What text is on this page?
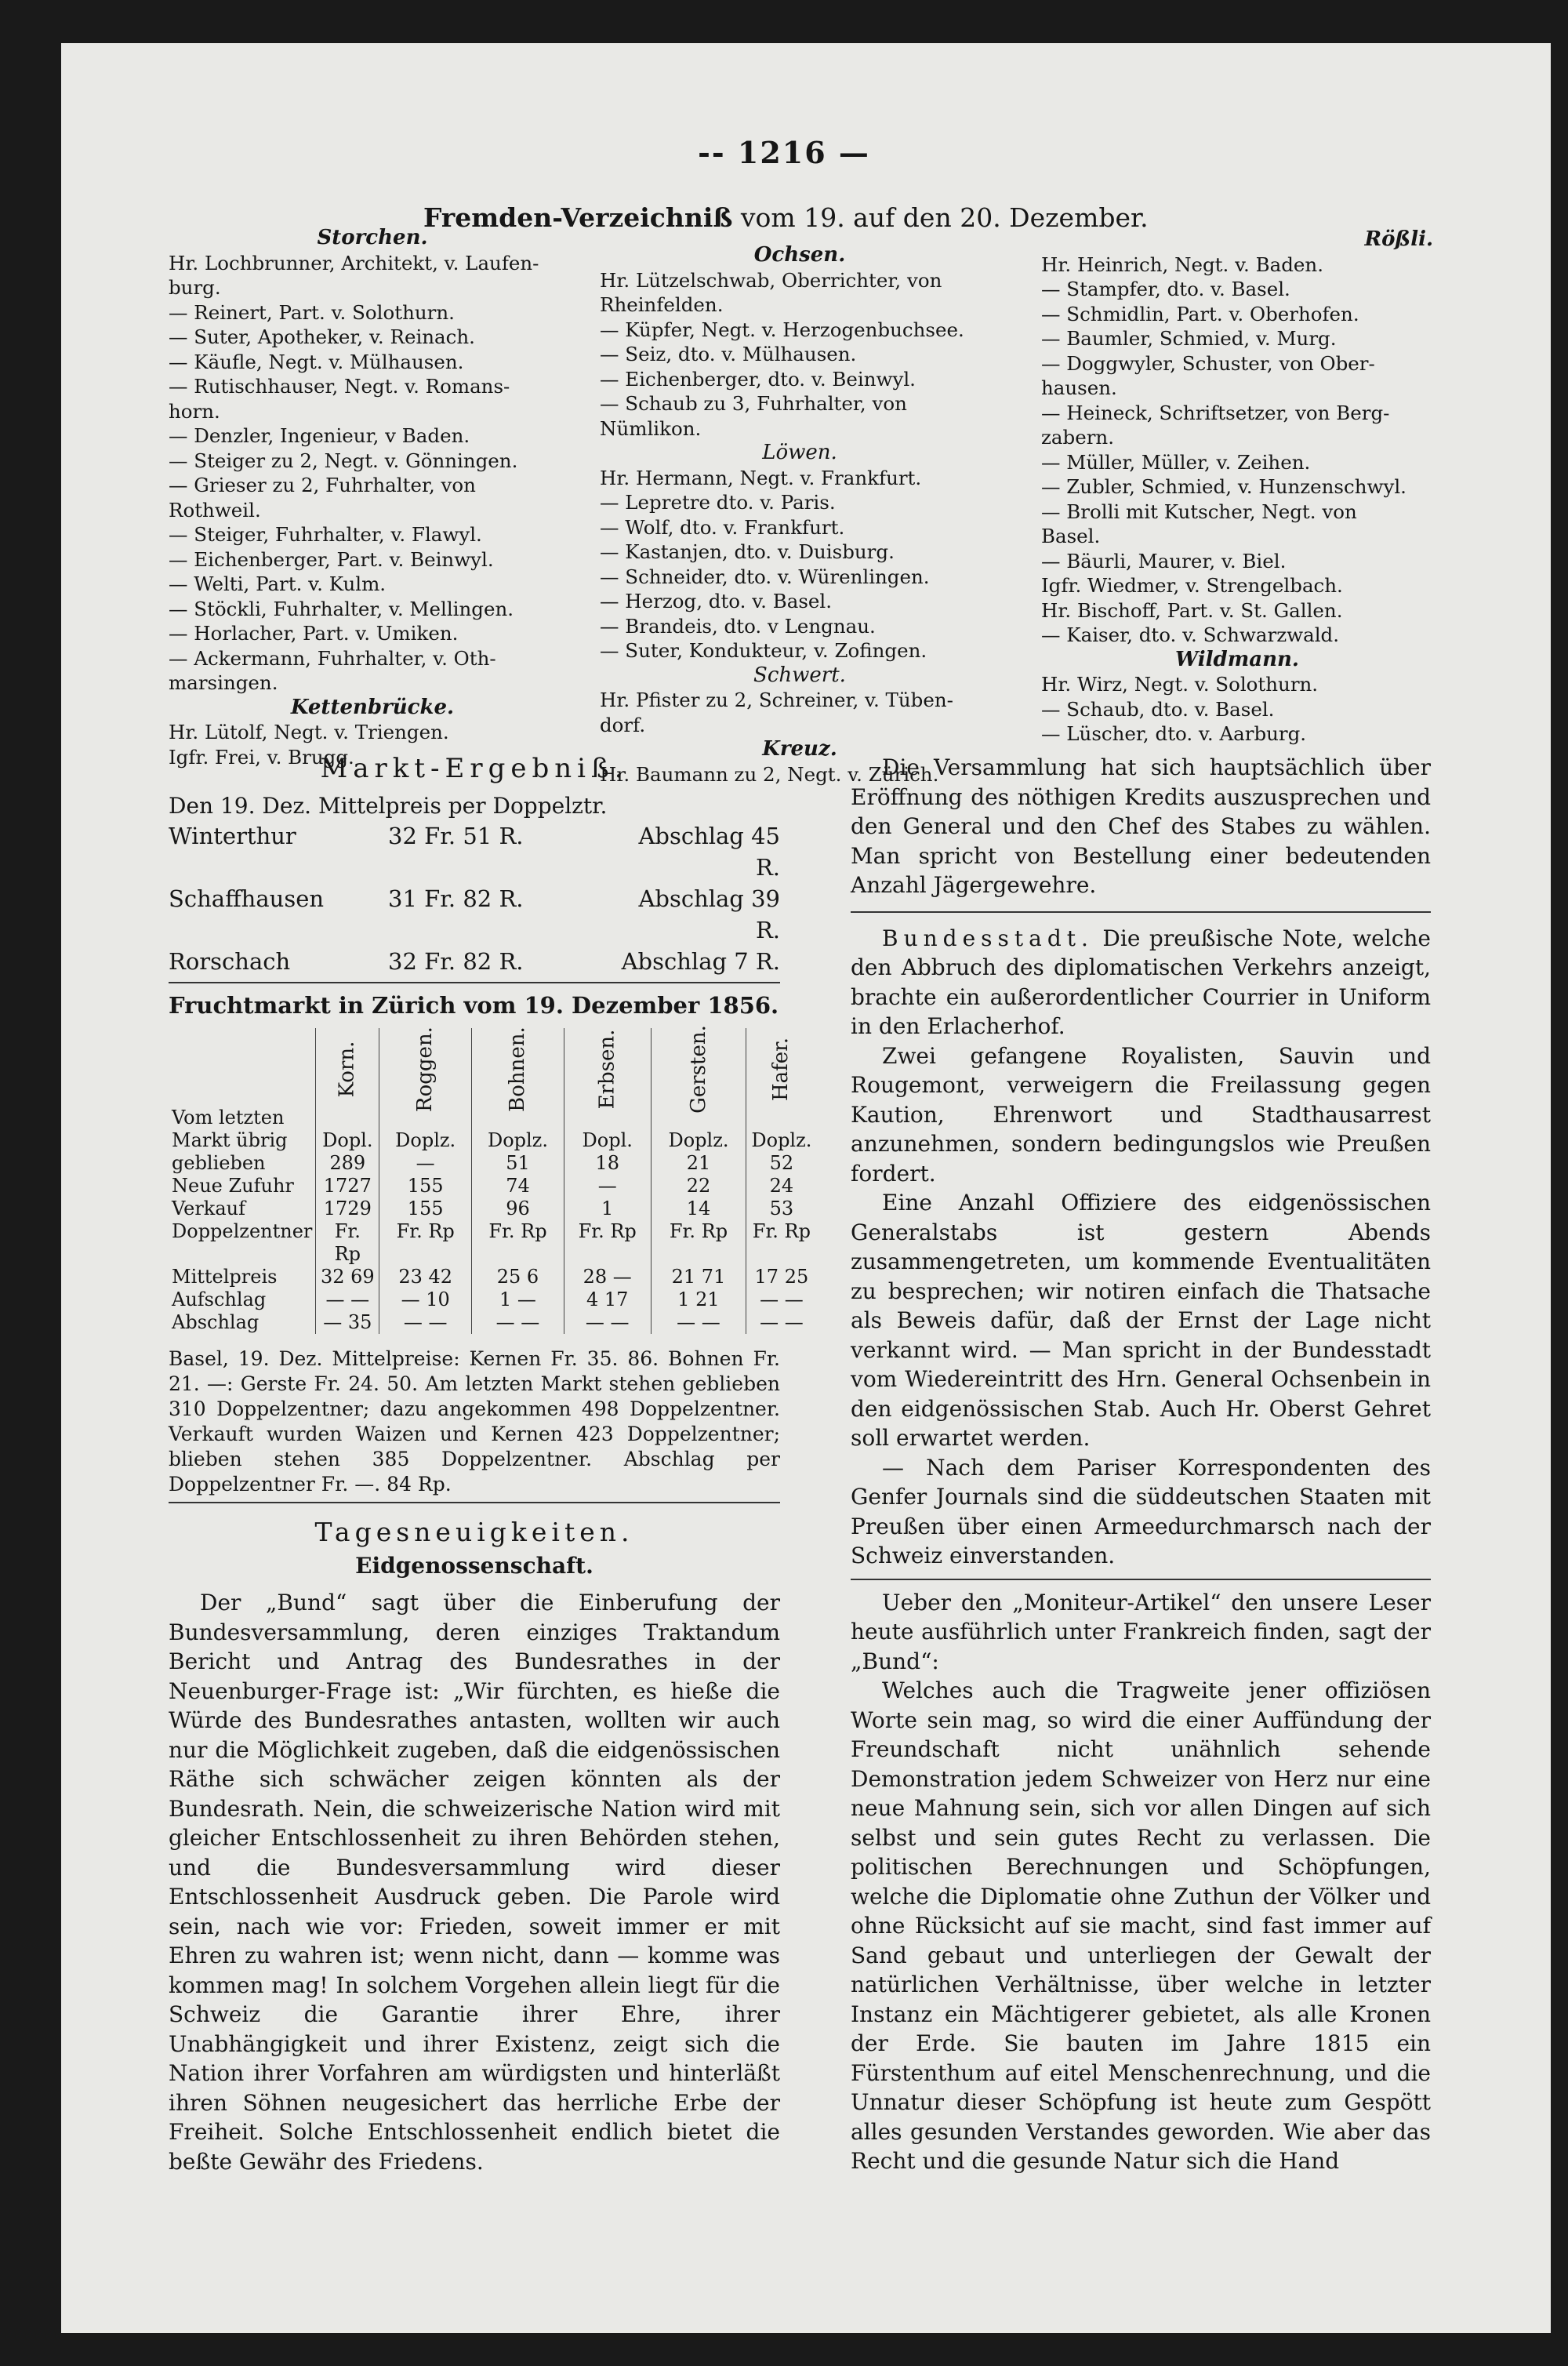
-- 1216 —
Fremden-Verzeichniß vom 19. auf den 20. Dezember.
Storchen.

Hr. Lochbrunner, Architekt, v. Laufen-

burg.

— Reinert, Part. v. Solothurn.

— Suter, Apotheker, v. Reinach.

— Käufle, Negt. v. Mülhausen.

— Rutischhauser, Negt. v. Romans-

horn.

— Denzler, Ingenieur, v Baden.

— Steiger zu 2, Negt. v. Gönningen.

— Grieser zu 2, Fuhrhalter, von

Rothweil.

— Steiger, Fuhrhalter, v. Flawyl.

— Eichenberger, Part. v. Beinwyl.

— Welti, Part. v. Kulm.

— Stöckli, Fuhrhalter, v. Mellingen.

— Horlacher, Part. v. Umiken.

— Ackermann, Fuhrhalter, v. Oth-

marsingen.

Kettenbrücke.

Hr. Lütolf, Negt. v. Triengen.

Igfr. Frei, v. Brugg.

Ochsen.

Hr. Lützelschwab, Oberrichter, von

Rheinfelden.

— Küpfer, Negt. v. Herzogenbuchsee.

— Seiz, dto. v. Mülhausen.

— Eichenberger, dto. v. Beinwyl.

— Schaub zu 3, Fuhrhalter, von

Nümlikon.

Löwen.

Hr. Hermann, Negt. v. Frankfurt.

— Lepretre dto. v. Paris.

— Wolf, dto. v. Frankfurt.

— Kastanjen, dto. v. Duisburg.

— Schneider, dto. v. Würenlingen.

— Herzog, dto. v. Basel.

— Brandeis, dto. v Lengnau.

— Suter, Kondukteur, v. Zofingen.

Schwert.

Hr. Pfister zu 2, Schreiner, v. Tüben-

dorf.

Kreuz.

Hr. Baumann zu 2, Negt. v. Zürich.

Rößli.

Hr. Heinrich, Negt. v. Baden.

— Stampfer, dto. v. Basel.

— Schmidlin, Part. v. Oberhofen.

— Baumler, Schmied, v. Murg.

— Doggwyler, Schuster, von Ober-

hausen.

— Heineck, Schriftsetzer, von Berg-

zabern.

— Müller, Müller, v. Zeihen.

— Zubler, Schmied, v. Hunzenschwyl.

— Brolli mit Kutscher, Negt. von

Basel.

— Bäurli, Maurer, v. Biel.

Igfr. Wiedmer, v. Strengelbach.

Hr. Bischoff, Part. v. St. Gallen.

— Kaiser, dto. v. Schwarzwald.

Wildmann.

Hr. Wirz, Negt. v. Solothurn.

— Schaub, dto. v. Basel.

— Lüscher, dto. v. Aarburg.

Markt-Ergebniß.
Den 19. Dez. Mittelpreis per Doppelztr.
Winterthur	32 Fr. 51 R.	Abschlag 45 R.
Schaffhausen	31 Fr. 82 R.	Abschlag 39 R.
Rorschach	32 Fr. 82 R.	Abschlag 7 R.
Fruchtmarkt in Zürich vom 19. Dezember 1856.

	Korn.	Roggen.	Bohnen.	Erbsen.	Gersten.	Hafer.

Vom letzten						
Markt übrig	Dopl.	Doplz.	Doplz.	Dopl.	Doplz.	Doplz.
geblieben	289	—	51	18	21	52
Neue Zufuhr	1727	155	74	—	22	24
Verkauf	1729	155	96	1	14	53
Doppelzentner	Fr. Rp	Fr. Rp	Fr. Rp	Fr. Rp	Fr. Rp	Fr. Rp
Mittelpreis	32 69	23 42	25 6	28 —	21 71	17 25
Aufschlag	— —	— 10	1 —	4 17	1 21	— —
Abschlag	— 35	— —	— —	— —	— —	— —
Basel, 19. Dez. Mittelpreise: Kernen Fr. 35. 86. Bohnen Fr. 21. —: Gerste Fr. 24. 50. Am letzten Markt stehen geblieben 310 Doppelzentner; dazu angekommen 498 Doppelzentner. Verkauft wurden Waizen und Kernen 423 Doppelzentner; blieben stehen 385 Doppelzentner. Abschlag per Doppelzentner Fr. —. 84 Rp.
Tagesneuigkeiten.
Eidgenossenschaft.
Der „Bund“ sagt über die Einberufung der Bundesversammlung, deren einziges Traktandum Bericht und Antrag des Bundesrathes in der Neuenburger-Frage ist: „Wir fürchten, es hieße die Würde des Bundesrathes antasten, wollten wir auch nur die Möglichkeit zugeben, daß die eidgenössischen Räthe sich schwächer zeigen könnten als der Bundesrath. Nein, die schweizerische Nation wird mit gleicher Entschlossenheit zu ihren Behörden stehen, und die Bundesversammlung wird dieser Entschlossenheit Ausdruck geben. Die Parole wird sein, nach wie vor: Frieden, soweit immer er mit Ehren zu wahren ist; wenn nicht, dann — komme was kommen mag! In solchem Vorgehen allein liegt für die Schweiz die Garantie ihrer Ehre, ihrer Unabhängigkeit und ihrer Existenz, zeigt sich die Nation ihrer Vorfahren am würdigsten und hinterläßt ihren Söhnen neugesichert das herrliche Erbe der Freiheit. Solche Entschlossenheit endlich bietet die beßte Gewähr des Friedens.

Die Versammlung hat sich hauptsächlich über Eröffnung des nöthigen Kredits auszusprechen und den General und den Chef des Stabes zu wählen. Man spricht von Bestellung einer bedeutenden Anzahl Jägergewehre.

Bundesstadt. Die preußische Note, welche den Abbruch des diplomatischen Verkehrs anzeigt, brachte ein außerordentlicher Courrier in Uniform in den Erlacherhof.

Zwei gefangene Royalisten, Sauvin und Rougemont, verweigern die Freilassung gegen Kaution, Ehrenwort und Stadthausarrest anzunehmen, sondern bedingungslos wie Preußen fordert.

Eine Anzahl Offiziere des eidgenössischen Generalstabs ist gestern Abends zusammengetreten, um kommende Eventualitäten zu besprechen; wir notiren einfach die Thatsache als Beweis dafür, daß der Ernst der Lage nicht verkannt wird. — Man spricht in der Bundesstadt vom Wiedereintritt des Hrn. General Ochsenbein in den eidgenössischen Stab. Auch Hr. Oberst Gehret soll erwartet werden.

— Nach dem Pariser Korrespondenten des Genfer Journals sind die süddeutschen Staaten mit Preußen über einen Armeedurchmarsch nach der Schweiz einverstanden.

Ueber den „Moniteur-Artikel“ den unsere Leser heute ausführlich unter Frankreich finden, sagt der „Bund“:

Welches auch die Tragweite jener offiziösen Worte sein mag, so wird die einer Auffündung der Freundschaft nicht unähnlich sehende Demonstration jedem Schweizer von Herz nur eine neue Mahnung sein, sich vor allen Dingen auf sich selbst und sein gutes Recht zu verlassen. Die politischen Berechnungen und Schöpfungen, welche die Diplomatie ohne Zuthun der Völker und ohne Rücksicht auf sie macht, sind fast immer auf Sand gebaut und unterliegen der Gewalt der natürlichen Verhältnisse, über welche in letzter Instanz ein Mächtigerer gebietet, als alle Kronen der Erde. Sie bauten im Jahre 1815 ein Fürstenthum auf eitel Menschenrechnung, und die Unnatur dieser Schöpfung ist heute zum Gespött alles gesunden Verstandes geworden. Wie aber das Recht und die gesunde Natur sich die Hand
